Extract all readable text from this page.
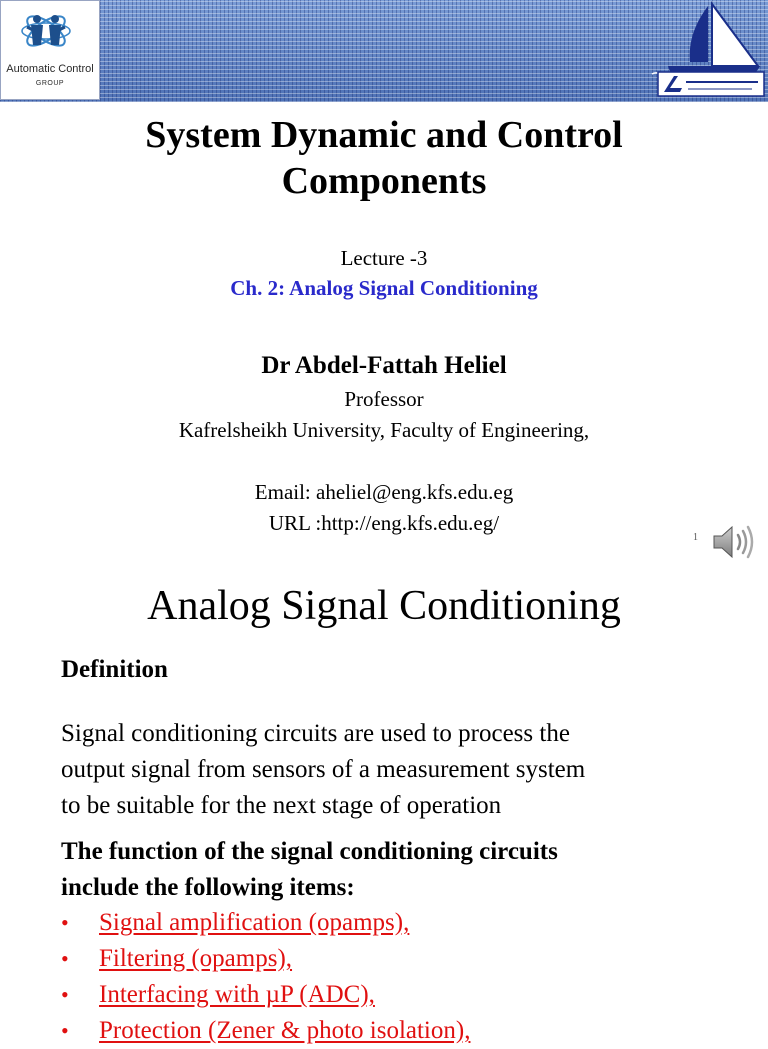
Automatic Control
GROUP
System Dynamic and Control
Components
Lecture -3
Ch. 2: Analog Signal Conditioning
Dr Abdel-Fattah Heliel
Professor
Kafrelsheikh University, Faculty of Engineering,
Email: aheliel@eng.kfs.edu.eg
URL :http://eng.kfs.edu.eg/
1
Analog Signal Conditioning
Definition
Signal conditioning circuits are used to process the
output signal from sensors of a measurement system
to be suitable for the next stage of operation
The function of the signal conditioning circuits
include the following items:
• Signal amplification (opamps),
• Filtering (opamps),
• Interfacing with µP (ADC),
• Protection (Zener & photo isolation),
